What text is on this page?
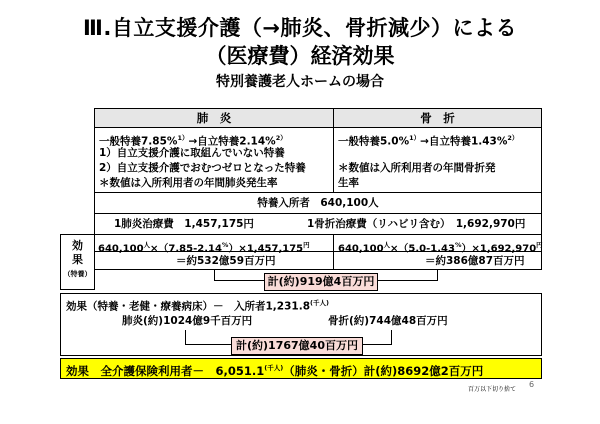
Ⅲ.自立支援介護（→肺炎、骨折減少）による
（医療費）経済効果
特別養護老人ホームの場合
肺　炎	骨　折
一般特養7.85%$^{1)}$→自立特養2.14%$^{2)}$
1）自立支援介護に取組んでいない特養
2）自立支援介護でおむつゼロとなった特養
＊数値は入所利用者の年間肺炎発生率
一般特養5.0%$^{1)}$→自立特養1.43%$^{2)}$
＊数値は入所利用者の年間骨折発
生率
特養入所者　640,100人
1肺炎治療費　1,457,175円	1骨折治療費（リハビリ含む）　1,692,970円
効
果
（特養）
$640,100^人\times(7.85-2.14^{\%})\times 1,457,175^円$
＝約532億59百万円
$640,100^人\times(5.0-1.43^{\%})\times 1,692,970^円$
＝約386億87百万円
計(約)919億4百万円
効果（特養・老健・療養病床）－　入所者$1,231.8^{(千人)}$
肺炎(約)1024億9千百万円	骨折(約)744億48百万円
計(約)1767億40百万円
効果　全介護保険利用者－　$6,051.1^{(千人)}$（肺炎・骨折）計(約)8692億2百万円
百万以下切り捨て
6
